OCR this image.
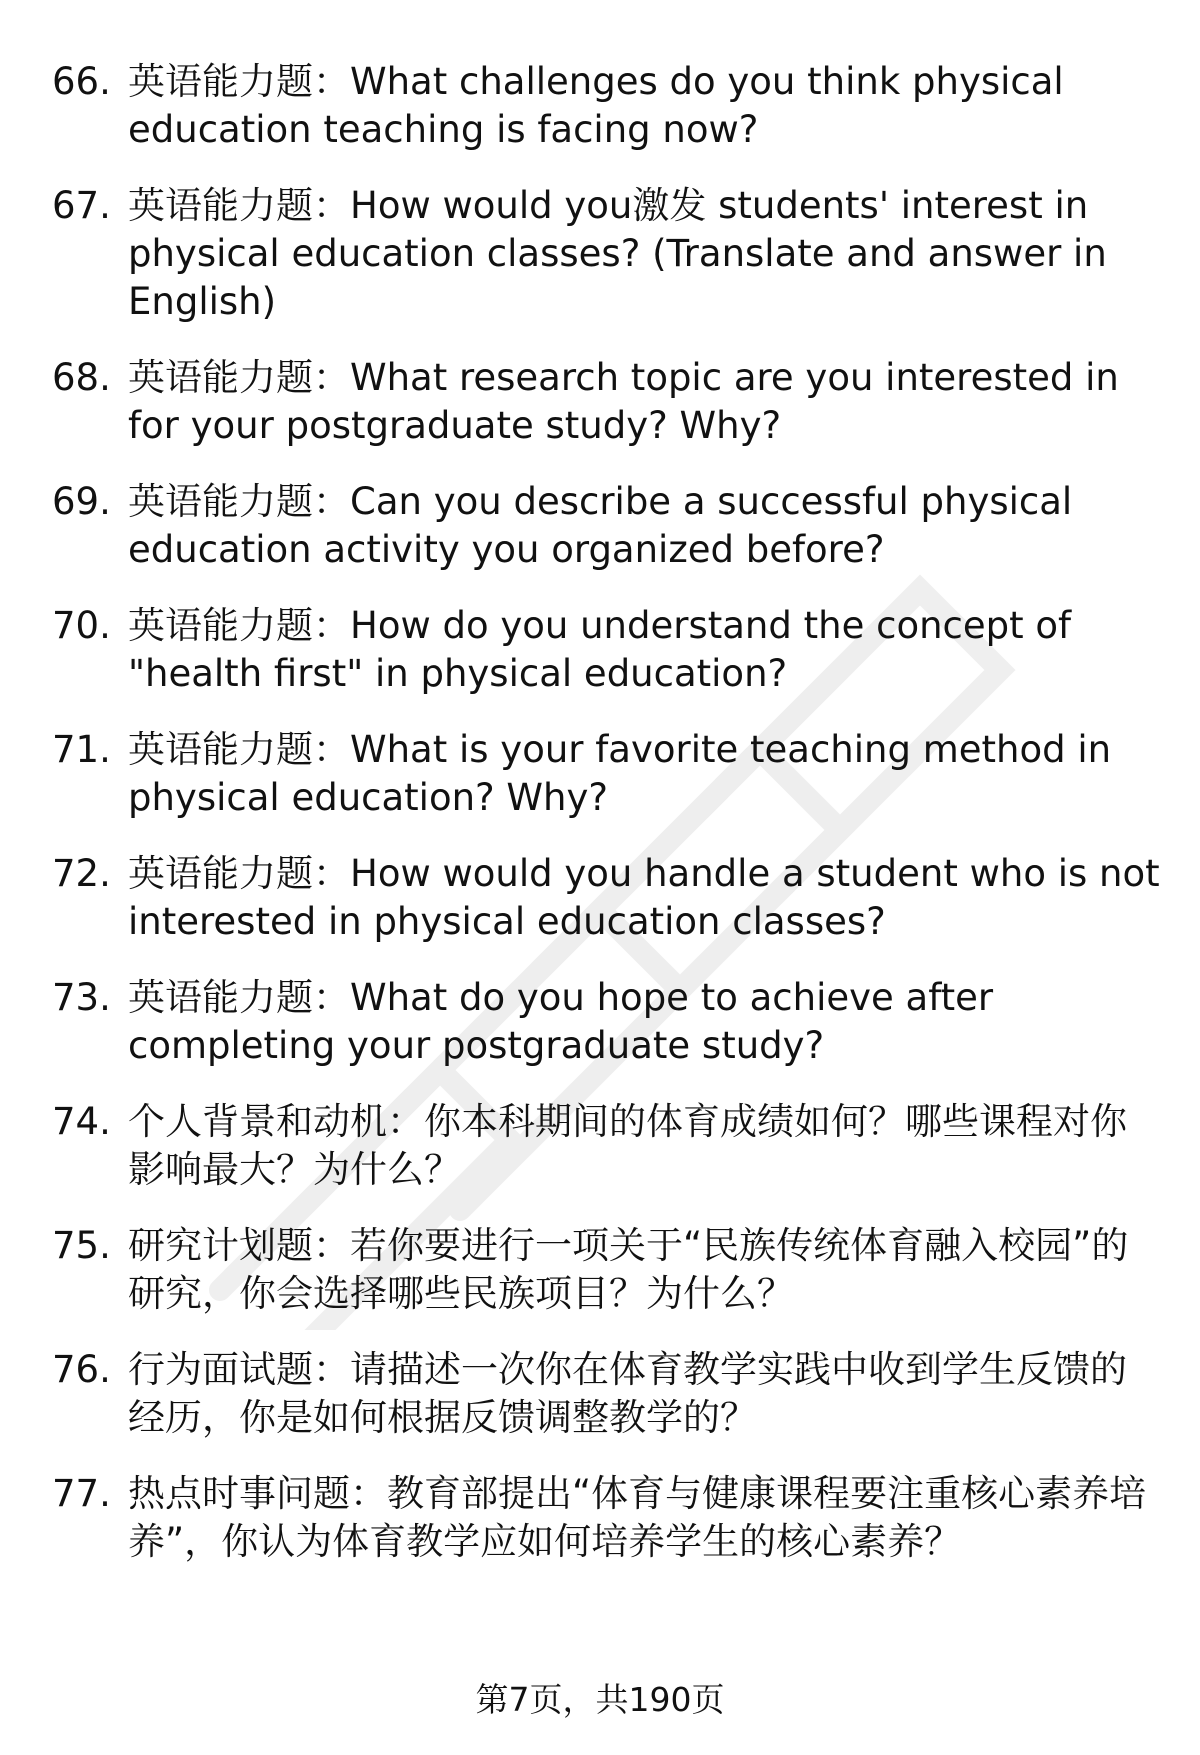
66. 英语能力题：What challenges do you think physical education teaching is facing now?
67. 英语能力题：How would you激发 students' interest in physical education classes? (Translate and answer in English)
68. 英语能力题：What research topic are you interested in for your postgraduate study? Why?
69. 英语能力题：Can you describe a successful physical education activity you organized before?
70. 英语能力题：How do you understand the concept of "health first" in physical education?
71. 英语能力题：What is your favorite teaching method in physical education? Why?
72. 英语能力题：How would you handle a student who is not interested in physical education classes?
73. 英语能力题：What do you hope to achieve after completing your postgraduate study?
74. 个人背景和动机：你本科期间的体育成绩如何？哪些课程对你影响最大？为什么？
75. 研究计划题：若你要进行一项关于“民族传统体育融入校园”的研究，你会选择哪些民族项目？为什么？
76. 行为面试题：请描述一次你在体育教学实践中收到学生反馈的经历，你是如何根据反馈调整教学的？
77. 热点时事问题：教育部提出“体育与健康课程要注重核心素养培养”，你认为体育教学应如何培养学生的核心素养？
第7页，共190页
